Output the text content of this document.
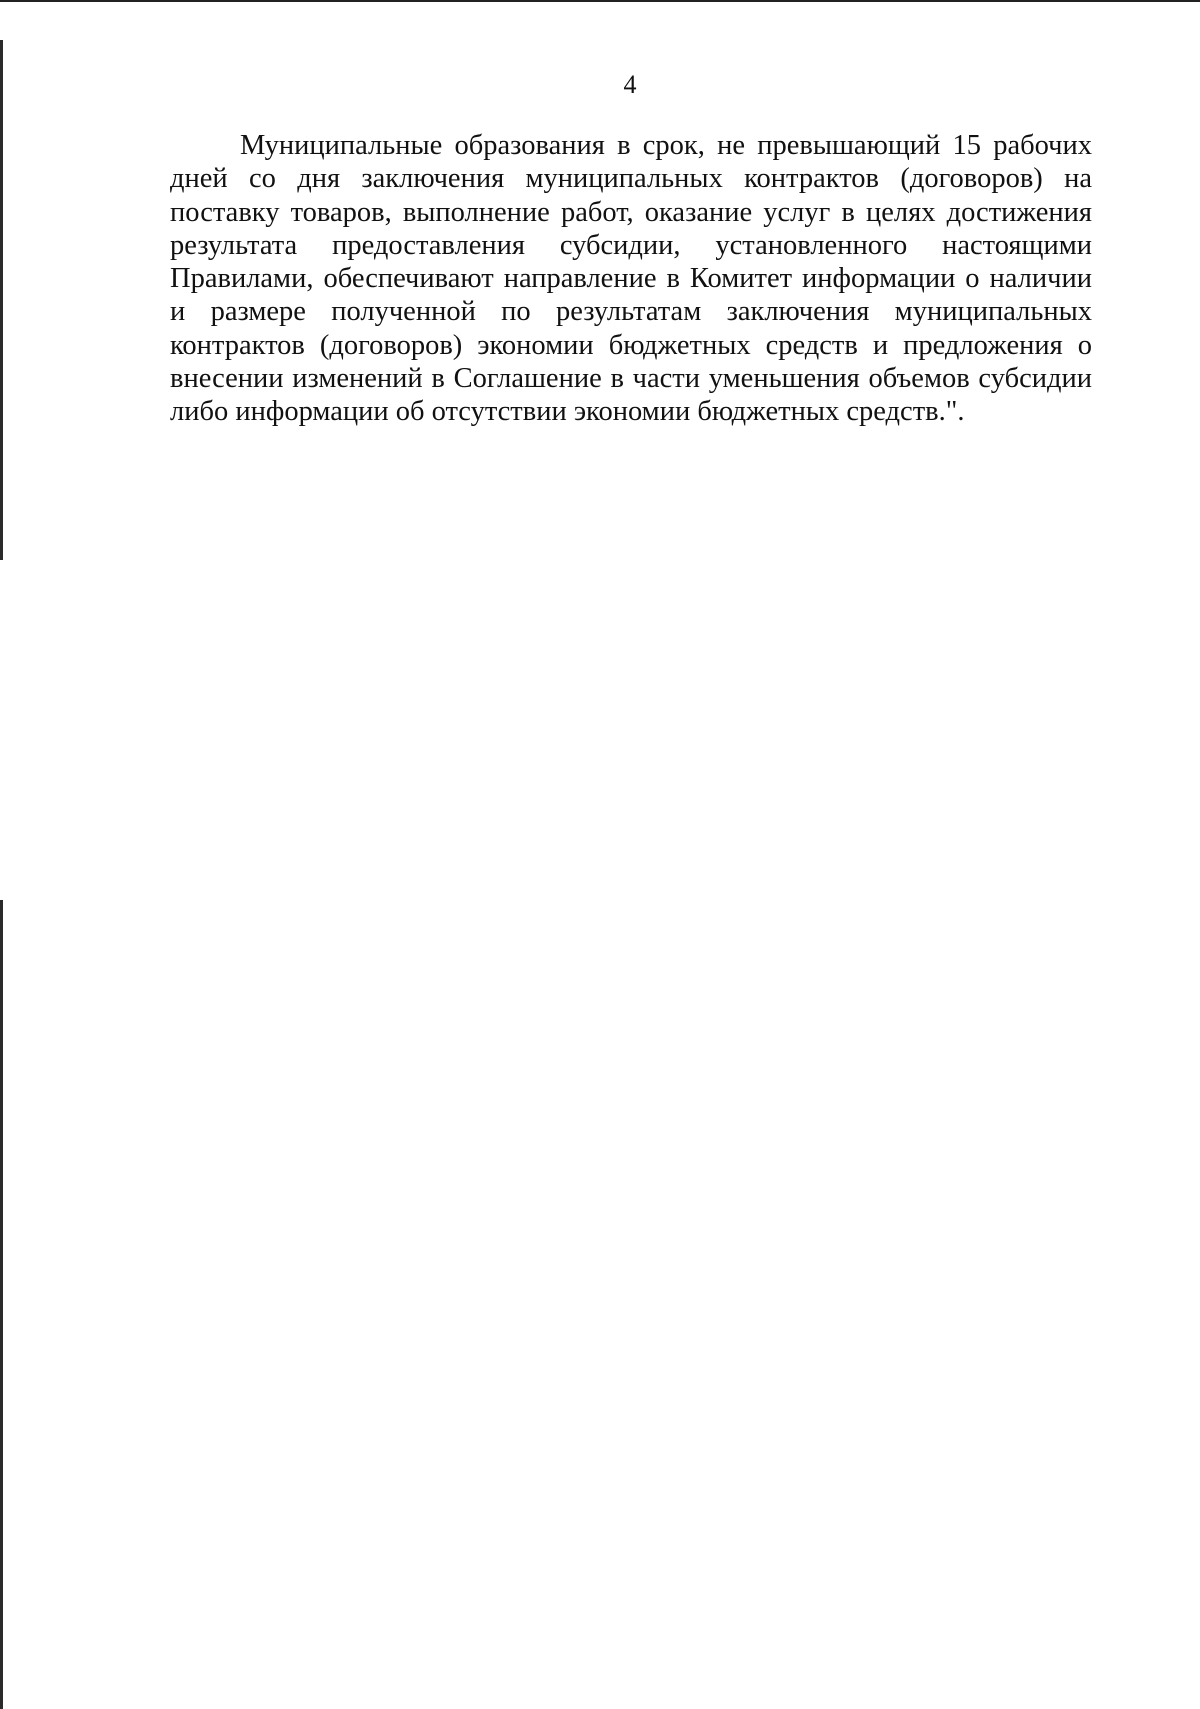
4

Муниципальные образования в срок, не превышающий 15 рабочих дней со дня заключения муниципальных контрактов (договоров) на поставку товаров, выполнение работ, оказание услуг в целях достижения результата предоставления субсидии, установленного настоящими Правилами, обеспечивают направление в Комитет информации о наличии и размере полученной по результатам заключения муниципальных контрактов (договоров) экономии бюджетных средств и предложения о внесении изменений в Соглашение в части уменьшения объемов субсидии либо информации об отсутствии экономии бюджетных средств.".
